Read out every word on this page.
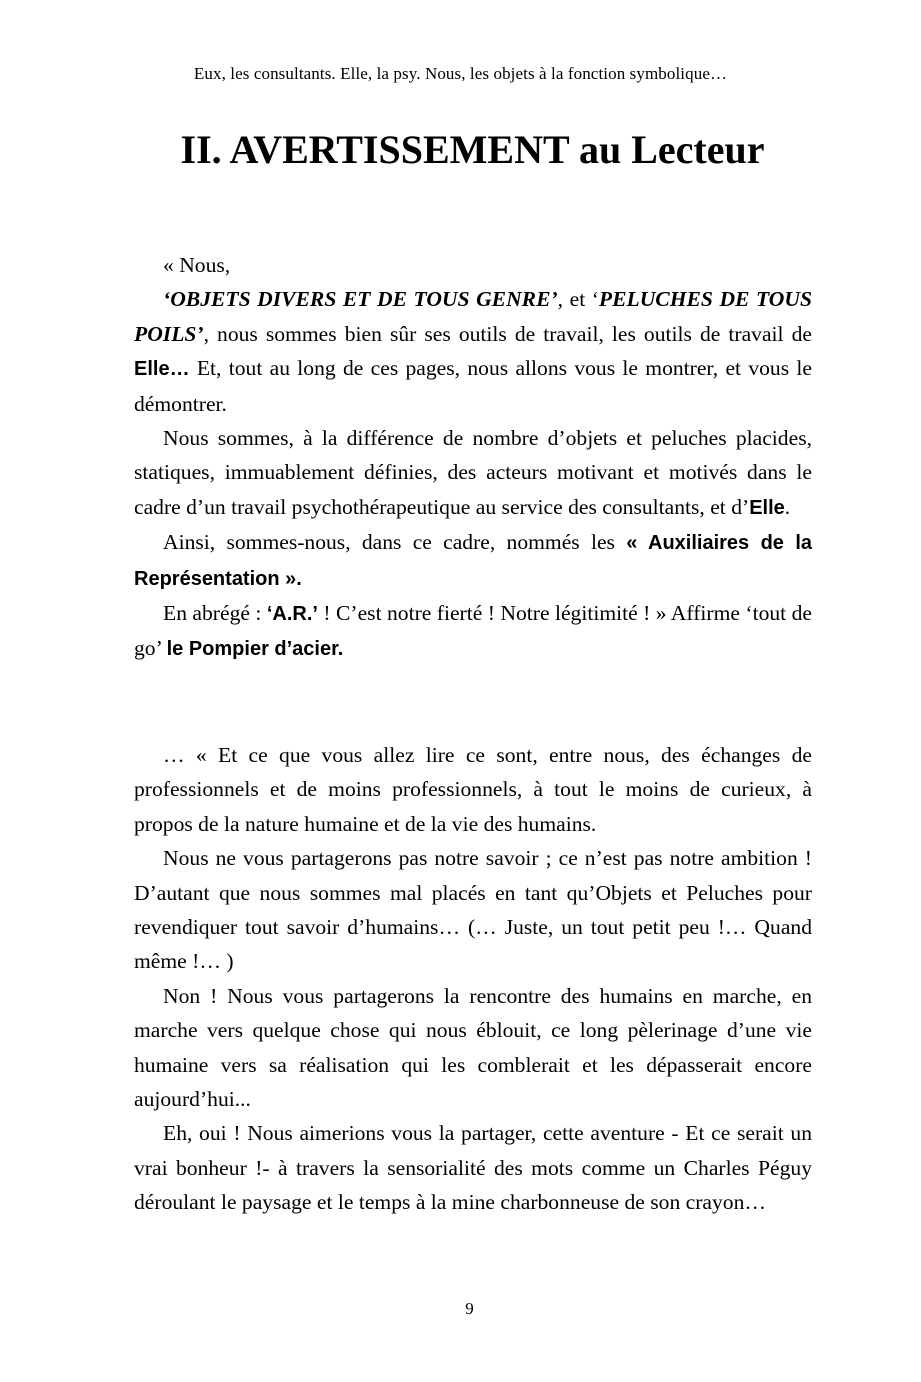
Eux, les consultants. Elle, la psy. Nous, les objets à la fonction symbolique…
II. AVERTISSEMENT au Lecteur

« Nous,

‘OBJETS DIVERS ET DE TOUS GENRE’, et ‘PELUCHES DE TOUS POILS’, nous sommes bien sûr ses outils de travail, les outils de travail de Elle… Et, tout au long de ces pages, nous allons vous le montrer, et vous le démontrer.

Nous sommes, à la différence de nombre d’objets et peluches placides, statiques, immuablement définies, des acteurs motivant et motivés dans le cadre d’un travail psychothérapeutique au service des consultants, et d’Elle.

Ainsi, sommes-nous, dans ce cadre, nommés les « Auxiliaires de la Représentation ».

En abrégé : ‘A.R.’ ! C’est notre fierté ! Notre légitimité ! » Affirme ‘tout de go’ le Pompier d’acier.

… « Et ce que vous allez lire ce sont, entre nous, des échanges de professionnels et de moins professionnels, à tout le moins de curieux, à propos de la nature humaine et de la vie des humains.

Nous ne vous partagerons pas notre savoir ; ce n’est pas notre ambition ! D’autant que nous sommes mal placés en tant qu’Objets et Peluches pour revendiquer tout savoir d’humains… (… Juste, un tout petit peu !… Quand même !… )

Non ! Nous vous partagerons la rencontre des humains en marche, en marche vers quelque chose qui nous éblouit, ce long pèlerinage d’une vie humaine vers sa réalisation qui les comblerait et les dépasserait encore aujourd’hui...

Eh, oui ! Nous aimerions vous la partager, cette aventure - Et ce serait un vrai bonheur !- à travers la sensorialité des mots comme un Charles Péguy déroulant le paysage et le temps à la mine charbonneuse de son crayon…

9
